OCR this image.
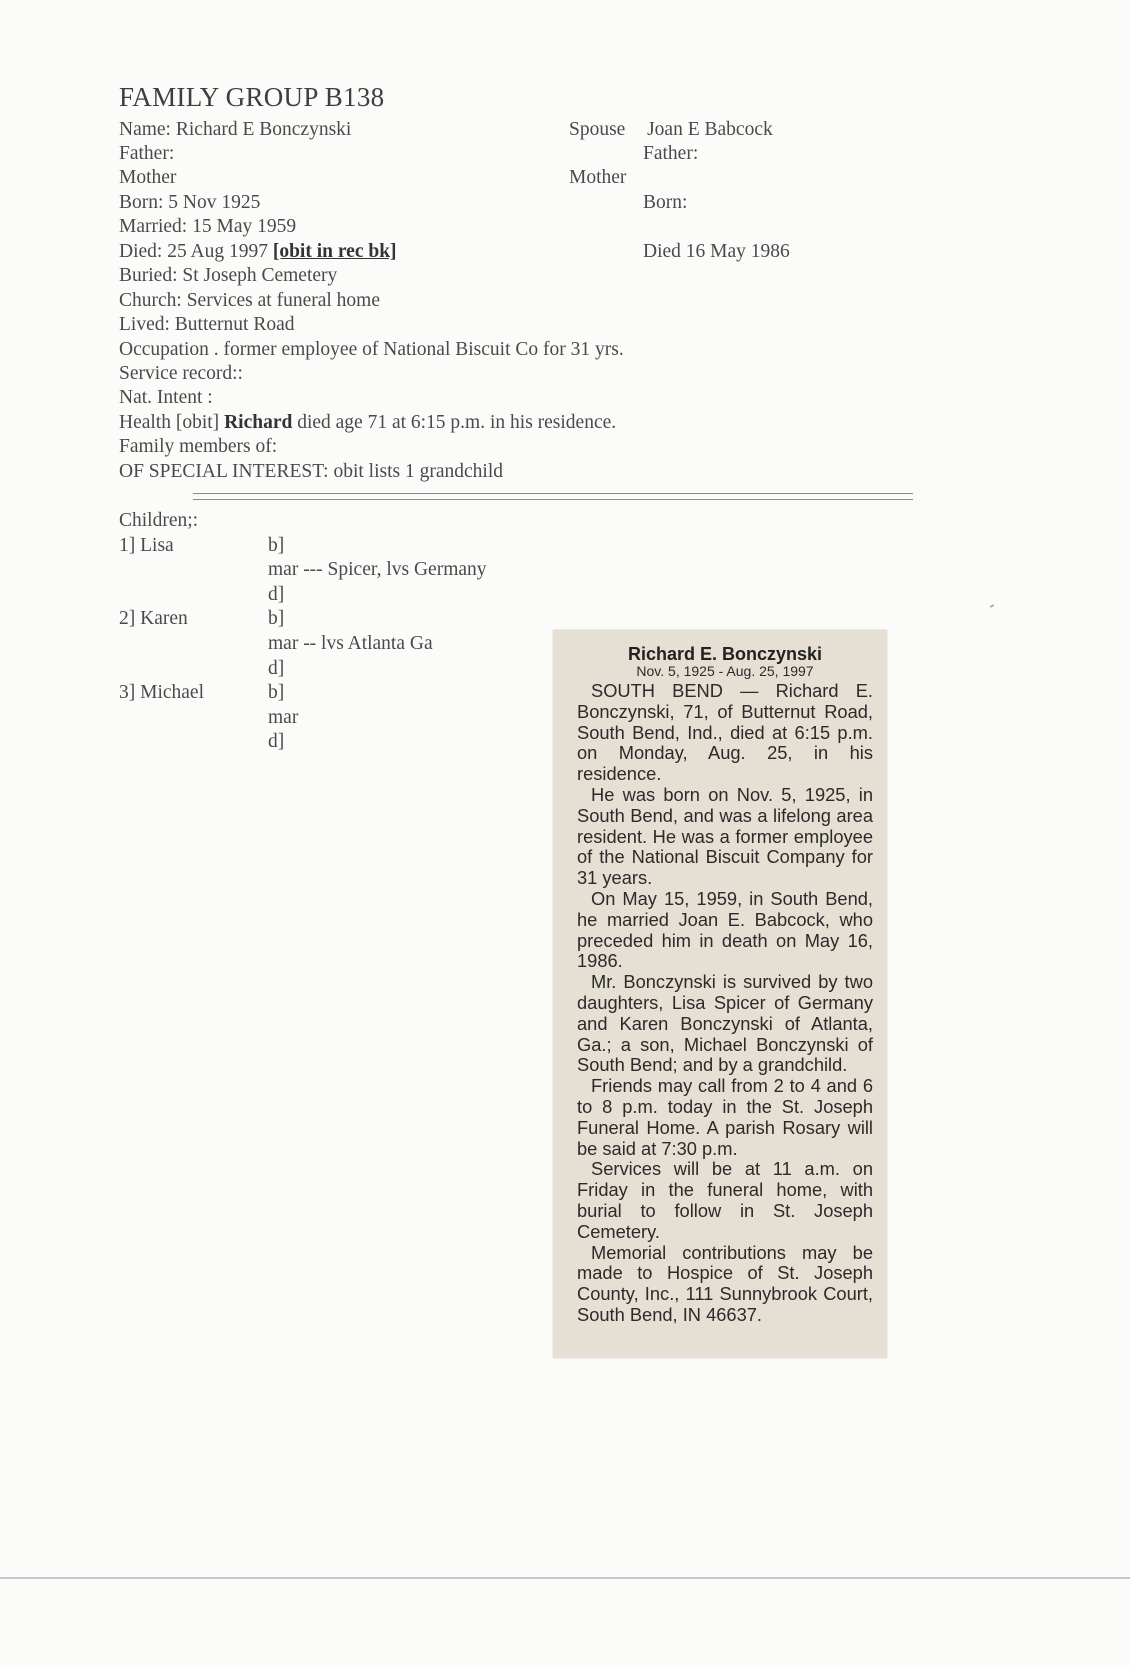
FAMILY GROUP B138
Name: Richard E Bonczynski
Father:
Mother
Born: 5 Nov 1925
Married: 15 May 1959
Died: 25 Aug 1997 [obit in rec bk]
Buried: St Joseph Cemetery
Church: Services at funeral home
Lived: Butternut Road
Occupation . former employee of National Biscuit Co for 31 yrs.
Service record::
Nat. Intent :
Health [obit] Richard died age 71 at 6:15 p.m. in his residence.
Family members of:
OF SPECIAL INTEREST: obit lists 1 grandchild
Spouse Joan E Babcock
Father:
Mother
Born:
Died 16 May 1986
Children;:
1] Lisa	b]
mar --- Spicer, lvs Germany
d]
2] Karen	b]
mar -- lvs Atlanta Ga
d]
3] Michael	b]
mar
d]
Richard E. Bonczynski
Nov. 5, 1925 - Aug. 25, 1997

SOUTH BEND — Richard E. Bonczynski, 71, of Butternut Road, South Bend, Ind., died at 6:15 p.m. on Monday, Aug. 25, in his residence.

He was born on Nov. 5, 1925, in South Bend, and was a lifelong area resident. He was a former employee of the National Biscuit Company for 31 years.

On May 15, 1959, in South Bend, he married Joan E. Babcock, who preceded him in death on May 16, 1986.

Mr. Bonczynski is survived by two daughters, Lisa Spicer of Germany and Karen Bonczynski of Atlanta, Ga.; a son, Michael Bonczynski of South Bend; and by a grandchild.

Friends may call from 2 to 4 and 6 to 8 p.m. today in the St. Joseph Funeral Home. A parish Rosary will be said at 7:30 p.m.

Services will be at 11 a.m. on Friday in the funeral home, with burial to follow in St. Joseph Cemetery.

Memorial contributions may be made to Hospice of St. Joseph County, Inc., 111 Sunnybrook Court, South Bend, IN 46637.
